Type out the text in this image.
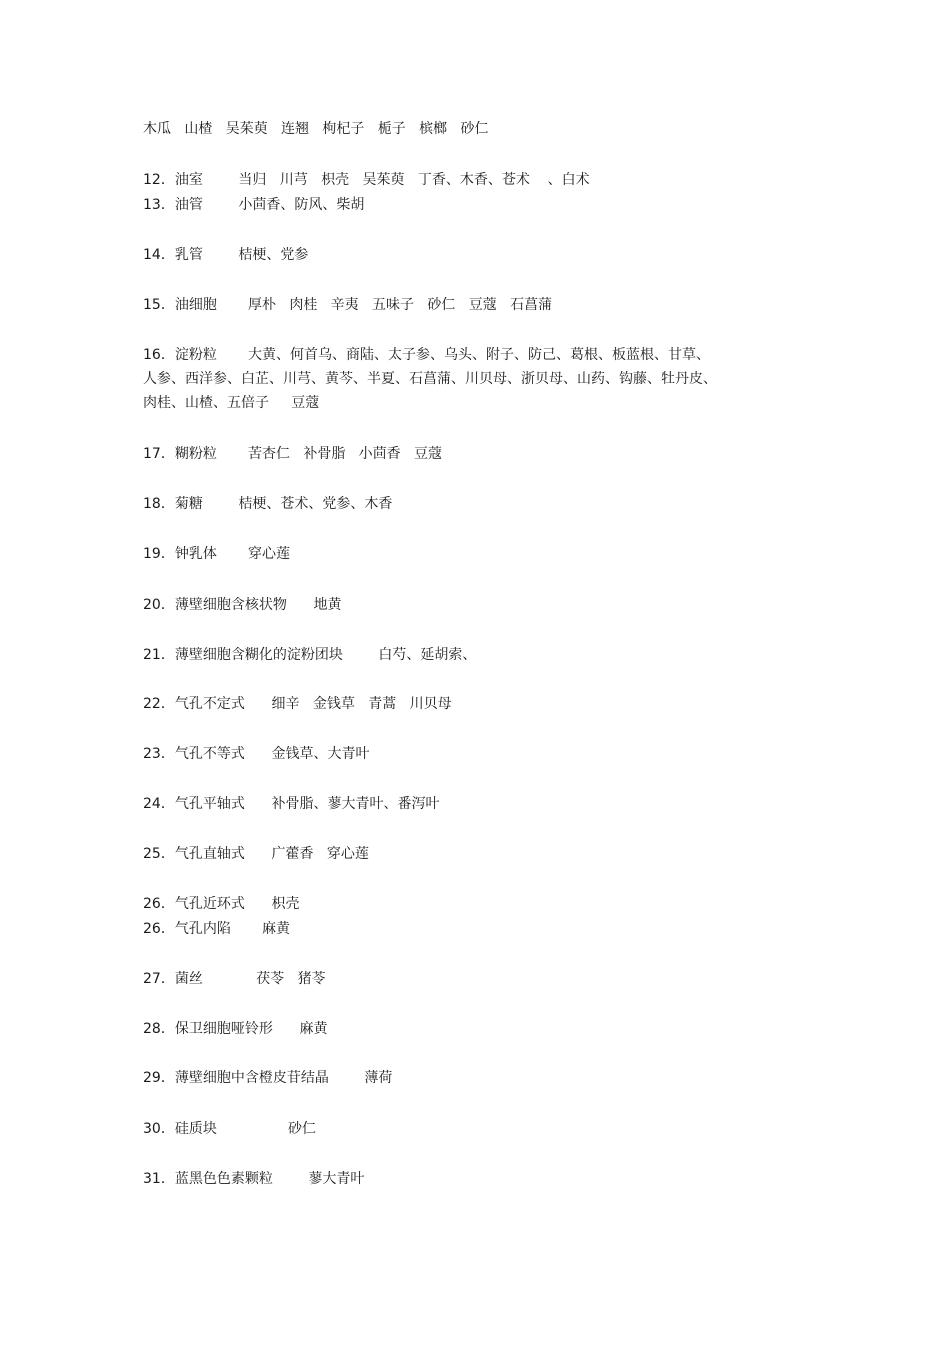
木瓜   山楂   吴茱萸   连翘   枸杞子   栀子   槟榔   砂仁
12．油室        当归   川芎   枳壳   吴茱萸   丁香、木香、苍术    、白术
13．油管        小茴香、防风、柴胡
14．乳管        桔梗、党参
15．油细胞       厚朴   肉桂   辛夷   五味子   砂仁   豆蔻   石菖蒲
16．淀粉粒       大黄、何首乌、商陆、太子参、乌头、附子、防己、葛根、板蓝根、甘草、
人参、西洋参、白芷、川芎、黄芩、半夏、石菖蒲、川贝母、浙贝母、山药、钩藤、牡丹皮、
肉桂、山楂、五倍子     豆蔻
17．糊粉粒       苦杏仁   补骨脂   小茴香   豆蔻
18．菊糖        桔梗、苍术、党参、木香
19．钟乳体       穿心莲
20．薄壁细胞含核状物      地黄
21．薄壁细胞含糊化的淀粉团块        白芍、延胡索、
22．气孔不定式      细辛   金钱草   青蒿   川贝母
23．气孔不等式      金钱草、大青叶
24．气孔平轴式      补骨脂、蓼大青叶、番泻叶
25．气孔直轴式      广藿香   穿心莲
26．气孔近环式      枳壳
26．气孔内陷       麻黄
27．菌丝            茯苓   猪苓
28．保卫细胞哑铃形      麻黄
29．薄壁细胞中含橙皮苷结晶        薄荷
30．硅质块                砂仁
31．蓝黑色色素颗粒        蓼大青叶
